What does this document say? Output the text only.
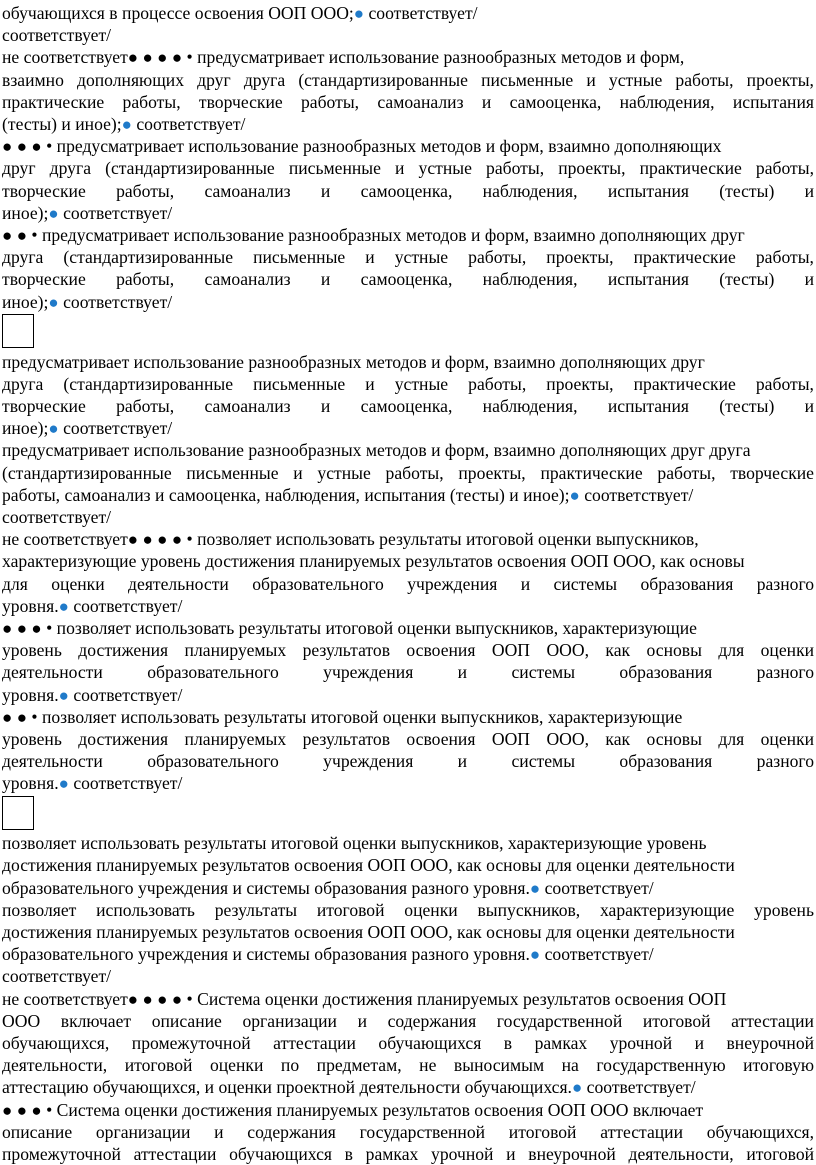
обучающихся в процессе освоения ООП ООО;● соответствует/
соответствует/
не соответствует● ● ● ● • предусматривает использование разнообразных методов и форм,
взаимно дополняющих друг друга (стандартизированные письменные и устные работы, проекты,
практические работы, творческие работы, самоанализ и самооценка, наблюдения, испытания
(тесты) и иное);● соответствует/
● ● ● • предусматривает использование разнообразных методов и форм, взаимно дополняющих
друг друга (стандартизированные письменные и устные работы, проекты, практические работы,
творческие работы, самоанализ и самооценка, наблюдения, испытания (тесты) и
иное);● соответствует/
● ● • предусматривает использование разнообразных методов и форм, взаимно дополняющих друг
друга (стандартизированные письменные и устные работы, проекты, практические работы,
творческие работы, самоанализ и самооценка, наблюдения, испытания (тесты) и
иное);● соответствует/
предусматривает использование разнообразных методов и форм, взаимно дополняющих друг
друга (стандартизированные письменные и устные работы, проекты, практические работы,
творческие работы, самоанализ и самооценка, наблюдения, испытания (тесты) и
иное);● соответствует/
предусматривает использование разнообразных методов и форм, взаимно дополняющих друг друга
(стандартизированные письменные и устные работы, проекты, практические работы, творческие
работы, самоанализ и самооценка, наблюдения, испытания (тесты) и иное);● соответствует/
соответствует/
не соответствует● ● ● ● • позволяет использовать результаты итоговой оценки выпускников,
характеризующие уровень достижения планируемых результатов освоения ООП ООО, как основы
для оценки деятельности образовательного учреждения и системы образования разного
уровня.● соответствует/
● ● ● • позволяет использовать результаты итоговой оценки выпускников, характеризующие
уровень достижения планируемых результатов освоения ООП ООО, как основы для оценки
деятельности	образовательного	учреждения	и	системы	образования	разного
уровня.● соответствует/
● ● • позволяет использовать результаты итоговой оценки выпускников, характеризующие
уровень достижения планируемых результатов освоения ООП ООО, как основы для оценки
деятельности	образовательного	учреждения	и	системы	образования	разного
уровня.● соответствует/
позволяет использовать результаты итоговой оценки выпускников, характеризующие уровень
достижения планируемых результатов освоения ООП ООО, как основы для оценки деятельности
образовательного учреждения и системы образования разного уровня.● соответствует/
позволяет использовать результаты итоговой оценки выпускников, характеризующие уровень
достижения планируемых результатов освоения ООП ООО, как основы для оценки деятельности
образовательного учреждения и системы образования разного уровня.● соответствует/
соответствует/
не соответствует● ● ● ● • Система оценки достижения планируемых результатов освоения ООП
ООО включает описание организации и содержания государственной итоговой аттестации
обучающихся, промежуточной аттестации обучающихся в рамках урочной и внеурочной
деятельности, итоговой оценки по предметам, не выносимым на государственную итоговую
аттестацию обучающихся, и оценки проектной деятельности обучающихся.● соответствует/
● ● ● • Система оценки достижения планируемых результатов освоения ООП ООО включает
описание организации и содержания государственной итоговой аттестации обучающихся,
промежуточной аттестации обучающихся в рамках урочной и внеурочной деятельности, итоговой
